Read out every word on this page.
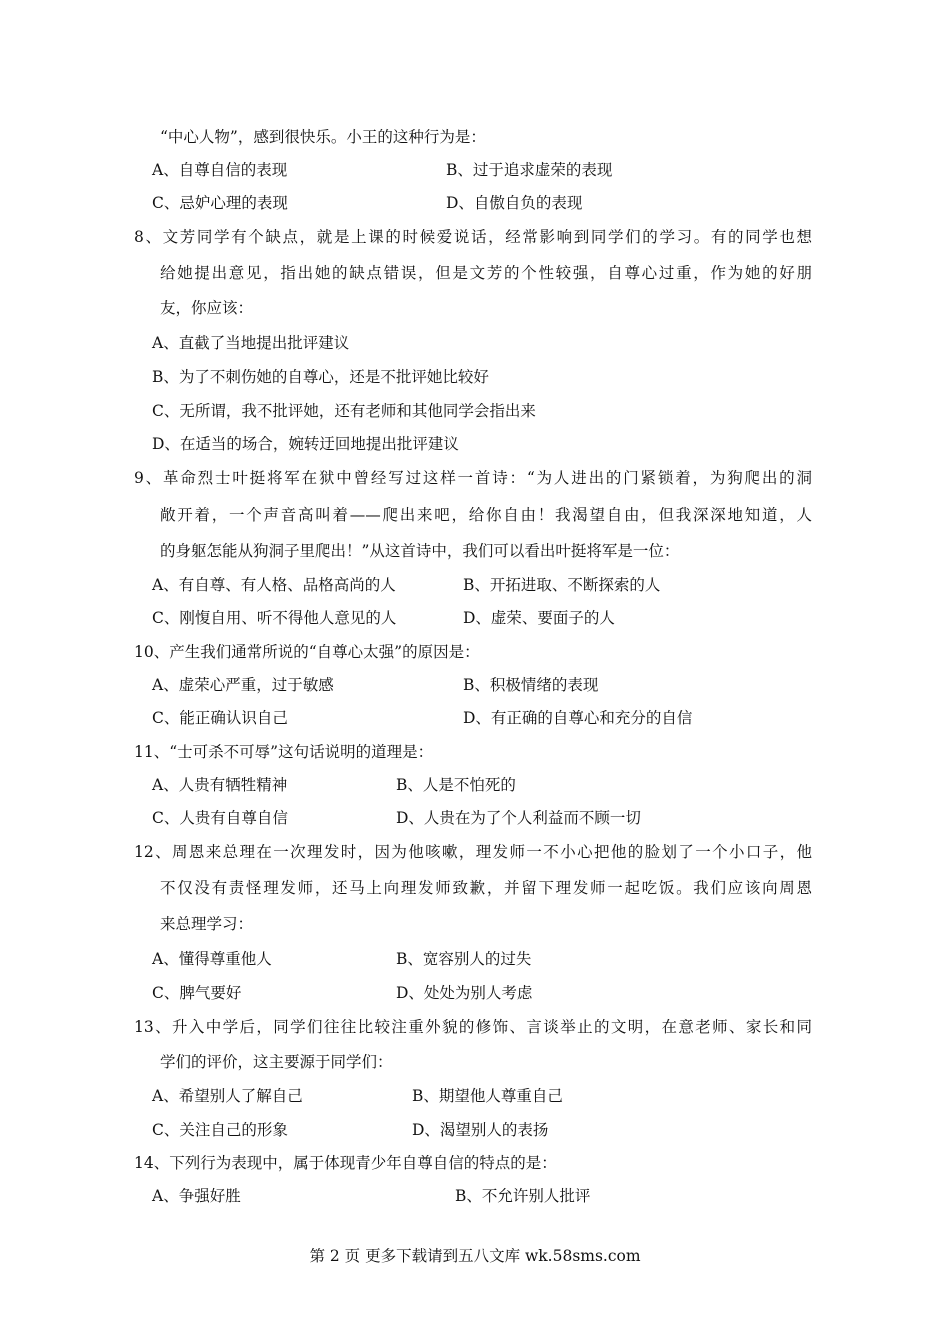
“中心人物”，感到很快乐。小王的这种行为是：
A、自尊自信的表现	B、过于追求虚荣的表现
C、忌妒心理的表现	D、自傲自负的表现
8、文芳同学有个缺点，就是上课的时候爱说话，经常影响到同学们的学习。有的同学也想
给她提出意见，指出她的缺点错误，但是文芳的个性较强，自尊心过重，作为她的好朋
友，你应该：
A、直截了当地提出批评建议
B、为了不刺伤她的自尊心，还是不批评她比较好
C、无所谓，我不批评她，还有老师和其他同学会指出来
D、在适当的场合，婉转迂回地提出批评建议
9、革命烈士叶挺将军在狱中曾经写过这样一首诗：“为人进出的门紧锁着，为狗爬出的洞
敞开着，一个声音高叫着——爬出来吧，给你自由！我渴望自由，但我深深地知道，人
的身躯怎能从狗洞子里爬出！”从这首诗中，我们可以看出叶挺将军是一位：
A、有自尊、有人格、品格高尚的人	B、开拓进取、不断探索的人
C、刚愎自用、听不得他人意见的人	D、虚荣、要面子的人
10、产生我们通常所说的“自尊心太强”的原因是：
A、虚荣心严重，过于敏感	B、积极情绪的表现
C、能正确认识自己	D、有正确的自尊心和充分的自信
11、“士可杀不可辱”这句话说明的道理是：
A、人贵有牺牲精神	B、人是不怕死的
C、人贵有自尊自信	D、人贵在为了个人利益而不顾一切
12、周恩来总理在一次理发时，因为他咳嗽，理发师一不小心把他的脸划了一个小口子，他
不仅没有责怪理发师，还马上向理发师致歉，并留下理发师一起吃饭。我们应该向周恩
来总理学习：
A、懂得尊重他人	B、宽容别人的过失
C、脾气要好	D、处处为别人考虑
13、升入中学后，同学们往往比较注重外貌的修饰、言谈举止的文明，在意老师、家长和同
学们的评价，这主要源于同学们：
A、希望别人了解自己	B、期望他人尊重自己
C、关注自己的形象	D、渴望别人的表扬
14、下列行为表现中，属于体现青少年自尊自信的特点的是：
A、争强好胜	B、不允许别人批评
第 2 页 更多下载请到五八文库 wk.58sms.com
